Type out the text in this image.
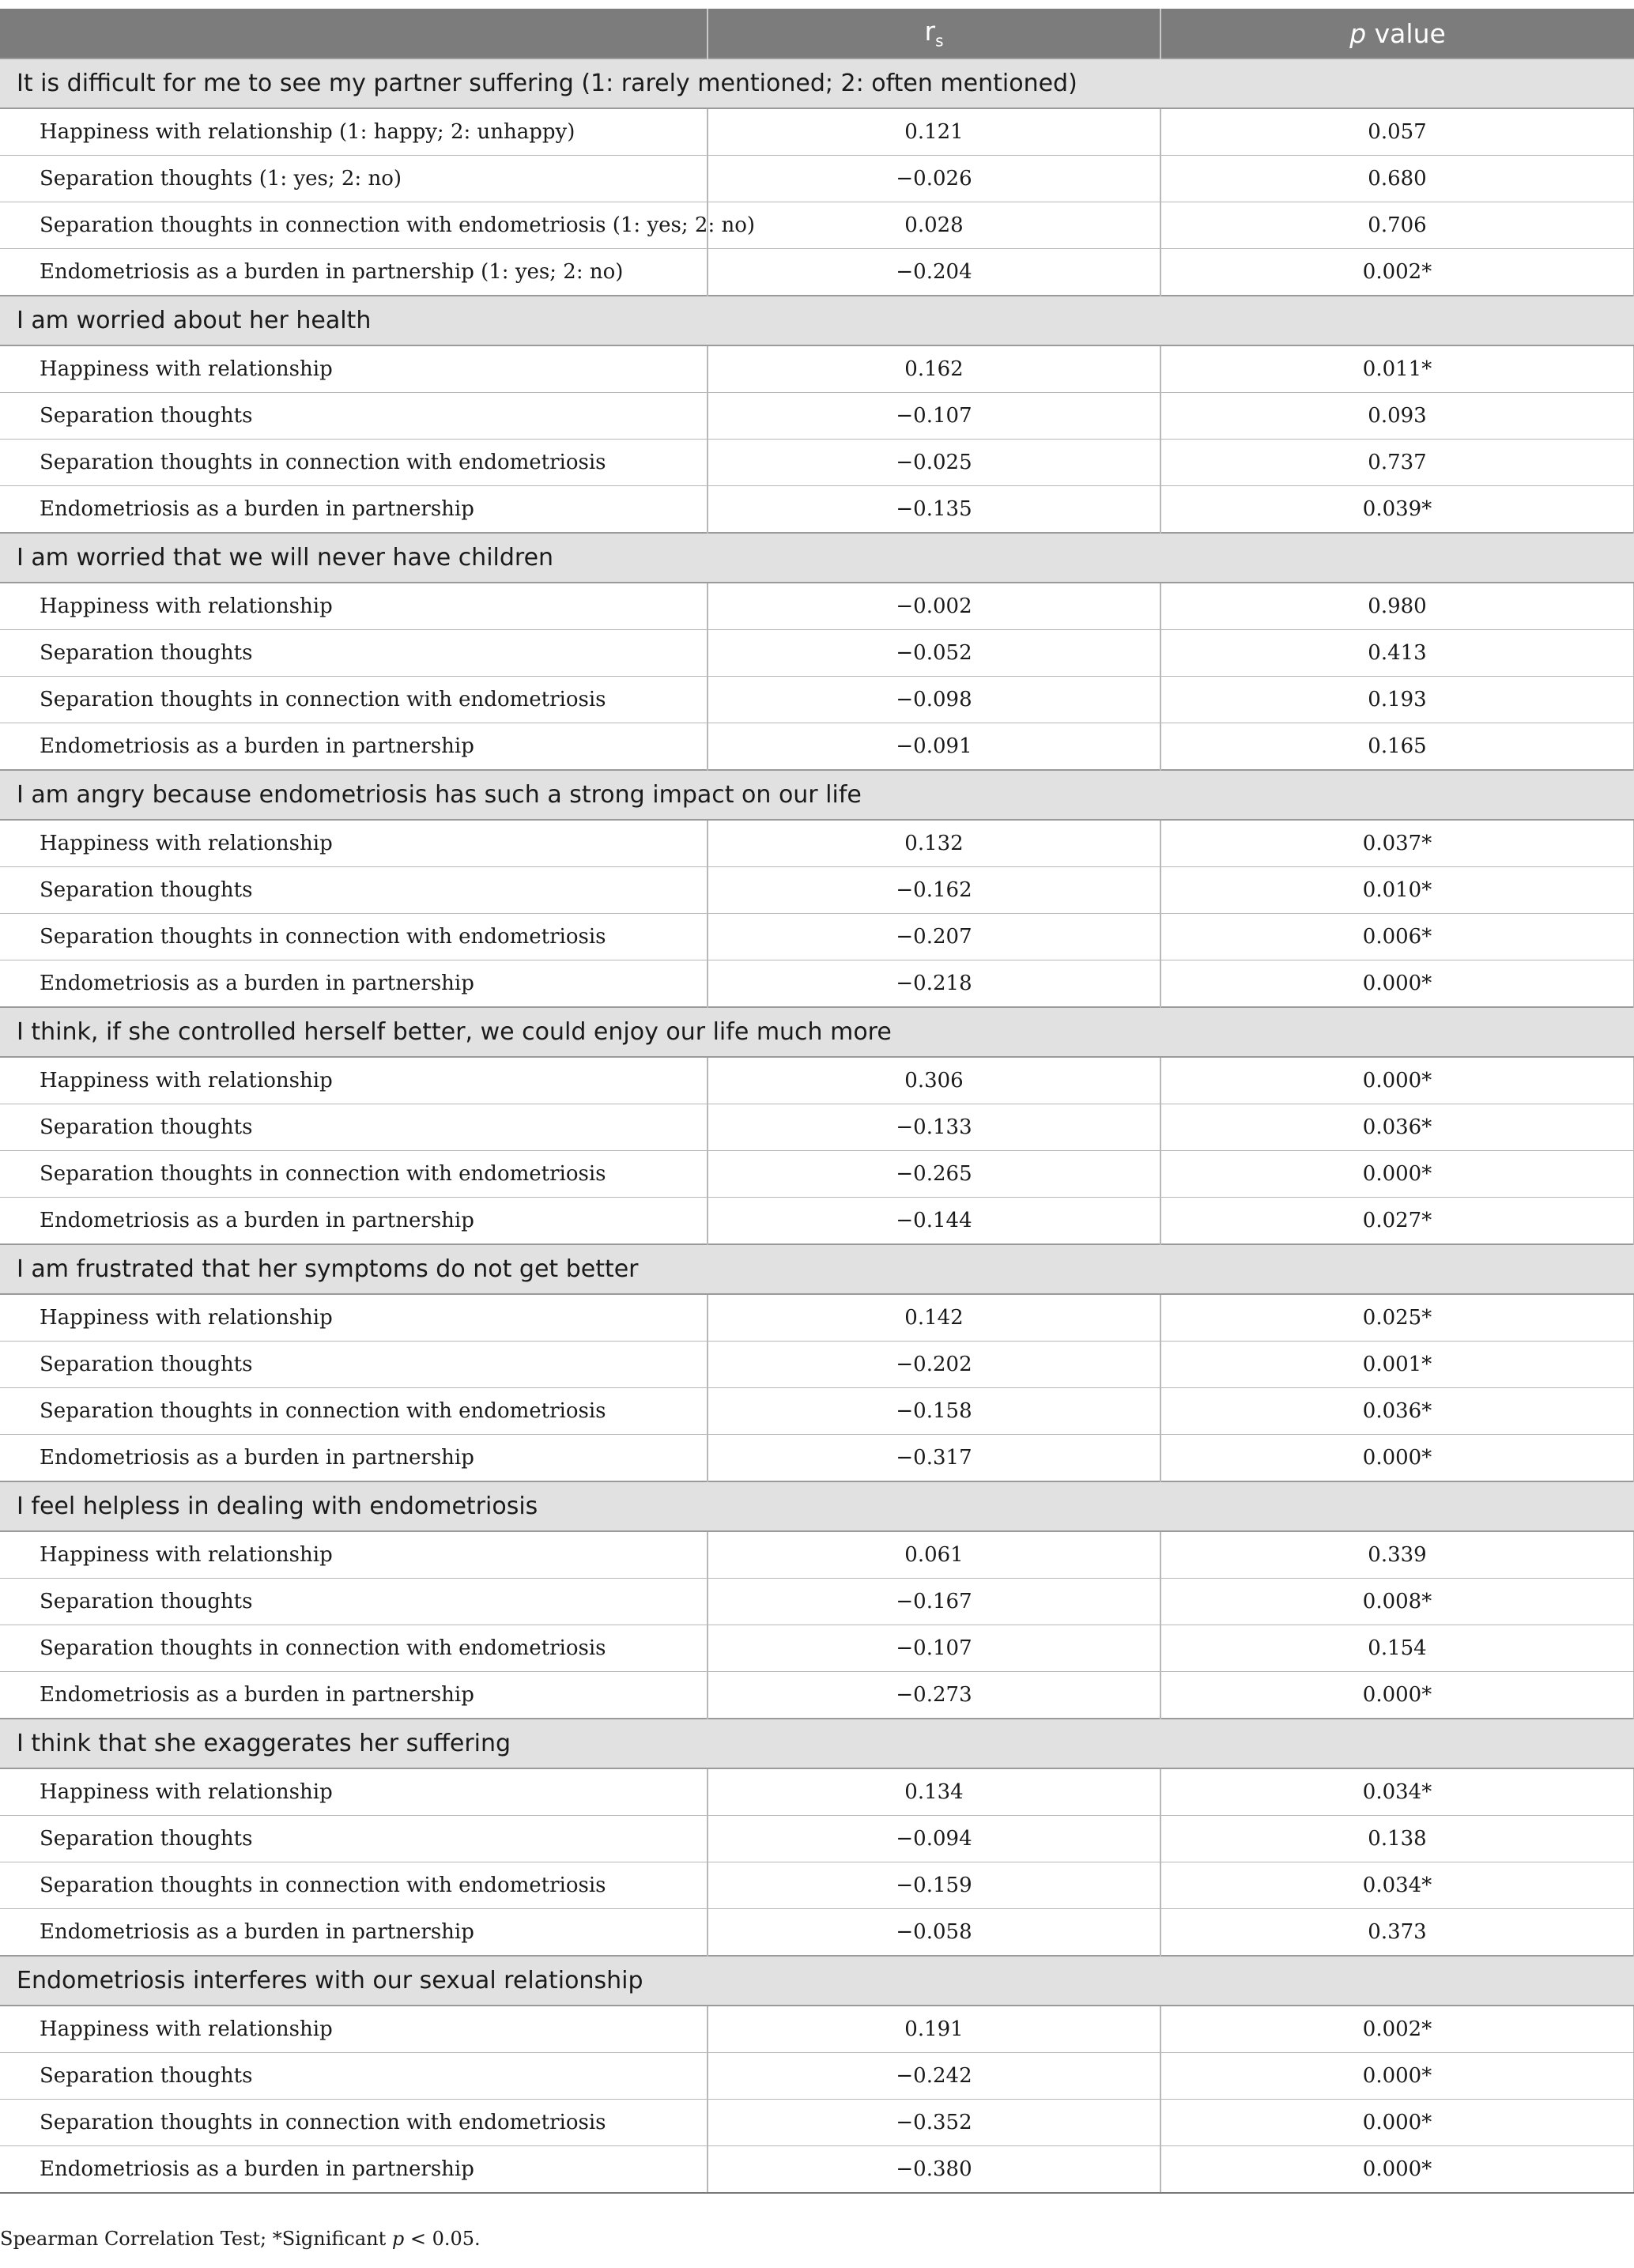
	$r_s$	p value
It is difficult for me to see my partner suffering (1: rarely mentioned; 2: often mentioned)		
Happiness with relationship (1: happy; 2: unhappy)	0.121	0.057
Separation thoughts (1: yes; 2: no)	−0.026	0.680
Separation thoughts in connection with endometriosis (1: yes; 2: no)	0.028	0.706
Endometriosis as a burden in partnership (1: yes; 2: no)	−0.204	0.002*
I am worried about her health		
Happiness with relationship	0.162	0.011*
Separation thoughts	−0.107	0.093
Separation thoughts in connection with endometriosis	−0.025	0.737
Endometriosis as a burden in partnership	−0.135	0.039*
I am worried that we will never have children		
Happiness with relationship	−0.002	0.980
Separation thoughts	−0.052	0.413
Separation thoughts in connection with endometriosis	−0.098	0.193
Endometriosis as a burden in partnership	−0.091	0.165
I am angry because endometriosis has such a strong impact on our life		
Happiness with relationship	0.132	0.037*
Separation thoughts	−0.162	0.010*
Separation thoughts in connection with endometriosis	−0.207	0.006*
Endometriosis as a burden in partnership	−0.218	0.000*
I think, if she controlled herself better, we could enjoy our life much more		
Happiness with relationship	0.306	0.000*
Separation thoughts	−0.133	0.036*
Separation thoughts in connection with endometriosis	−0.265	0.000*
Endometriosis as a burden in partnership	−0.144	0.027*
I am frustrated that her symptoms do not get better		
Happiness with relationship	0.142	0.025*
Separation thoughts	−0.202	0.001*
Separation thoughts in connection with endometriosis	−0.158	0.036*
Endometriosis as a burden in partnership	−0.317	0.000*
I feel helpless in dealing with endometriosis		
Happiness with relationship	0.061	0.339
Separation thoughts	−0.167	0.008*
Separation thoughts in connection with endometriosis	−0.107	0.154
Endometriosis as a burden in partnership	−0.273	0.000*
I think that she exaggerates her suffering		
Happiness with relationship	0.134	0.034*
Separation thoughts	−0.094	0.138
Separation thoughts in connection with endometriosis	−0.159	0.034*
Endometriosis as a burden in partnership	−0.058	0.373
Endometriosis interferes with our sexual relationship		
Happiness with relationship	0.191	0.002*
Separation thoughts	−0.242	0.000*
Separation thoughts in connection with endometriosis	−0.352	0.000*
Endometriosis as a burden in partnership	−0.380	0.000*
Spearman Correlation Test; *Significant p < 0.05.
